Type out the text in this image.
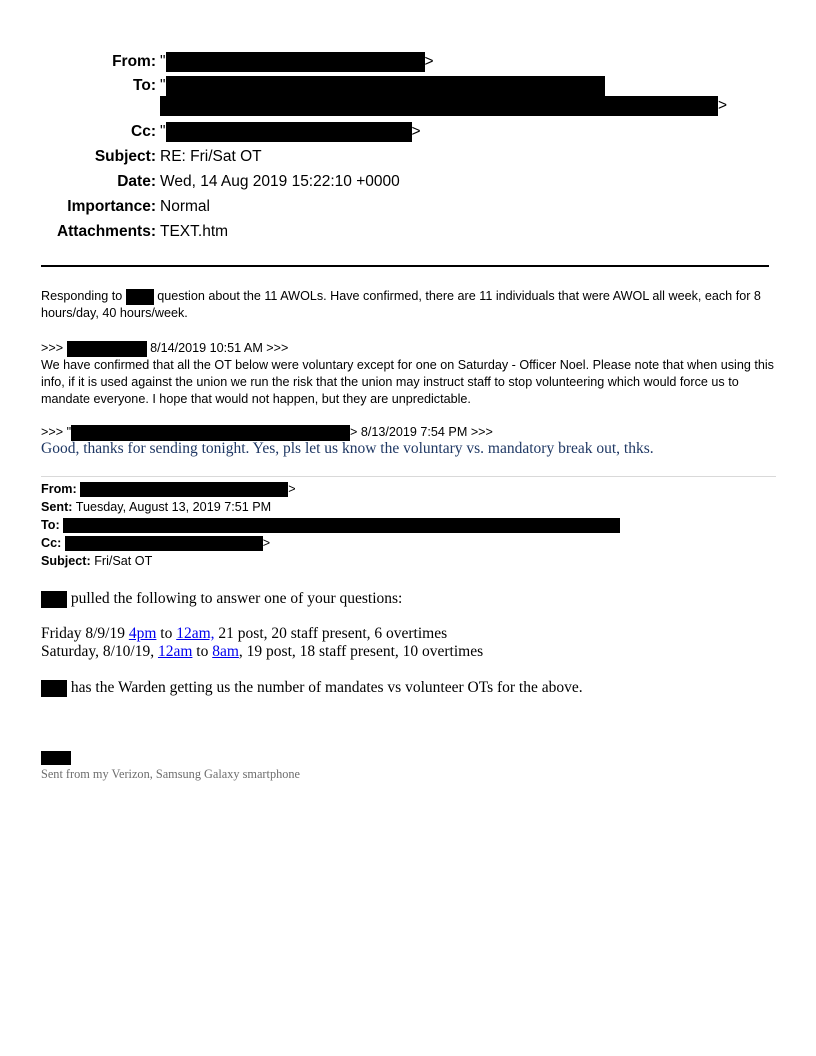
From: "	>
To: "
>
Cc: "	>
Subject: RE: Fri/Sat OT
Date: Wed, 14 Aug 2019 15:22:10 +0000
Importance: Normal
Attachments: TEXT.htm
Responding to	question about the 11 AWOLs. Have confirmed, there are 11 individuals that were AWOL all week, each for 8 hours/day, 40 hours/week.
>>>	8/14/2019 10:51 AM >>>
We have confirmed that all the OT below were voluntary except for one on Saturday - Officer Noel. Please note that when using this info, if it is used against the union we run the risk that the union may instruct staff to stop volunteering which would force us to mandate everyone. I hope that would not happen, but they are unpredictable.
>>> "	> 8/13/2019 7:54 PM >>>
Good, thanks for sending tonight. Yes, pls let us know the voluntary vs. mandatory break out, thks.
From:	>
Sent: Tuesday, August 13, 2019 7:51 PM
To:
Cc:	>
Subject: Fri/Sat OT
pulled the following to answer one of your questions:
Friday 8/9/19 4pm to 12am, 21 post, 20 staff present, 6 overtimes
Saturday, 8/10/19, 12am to 8am, 19 post, 18 staff present, 10 overtimes
has the Warden getting us the number of mandates vs volunteer OTs for the above.
Sent from my Verizon, Samsung Galaxy smartphone
